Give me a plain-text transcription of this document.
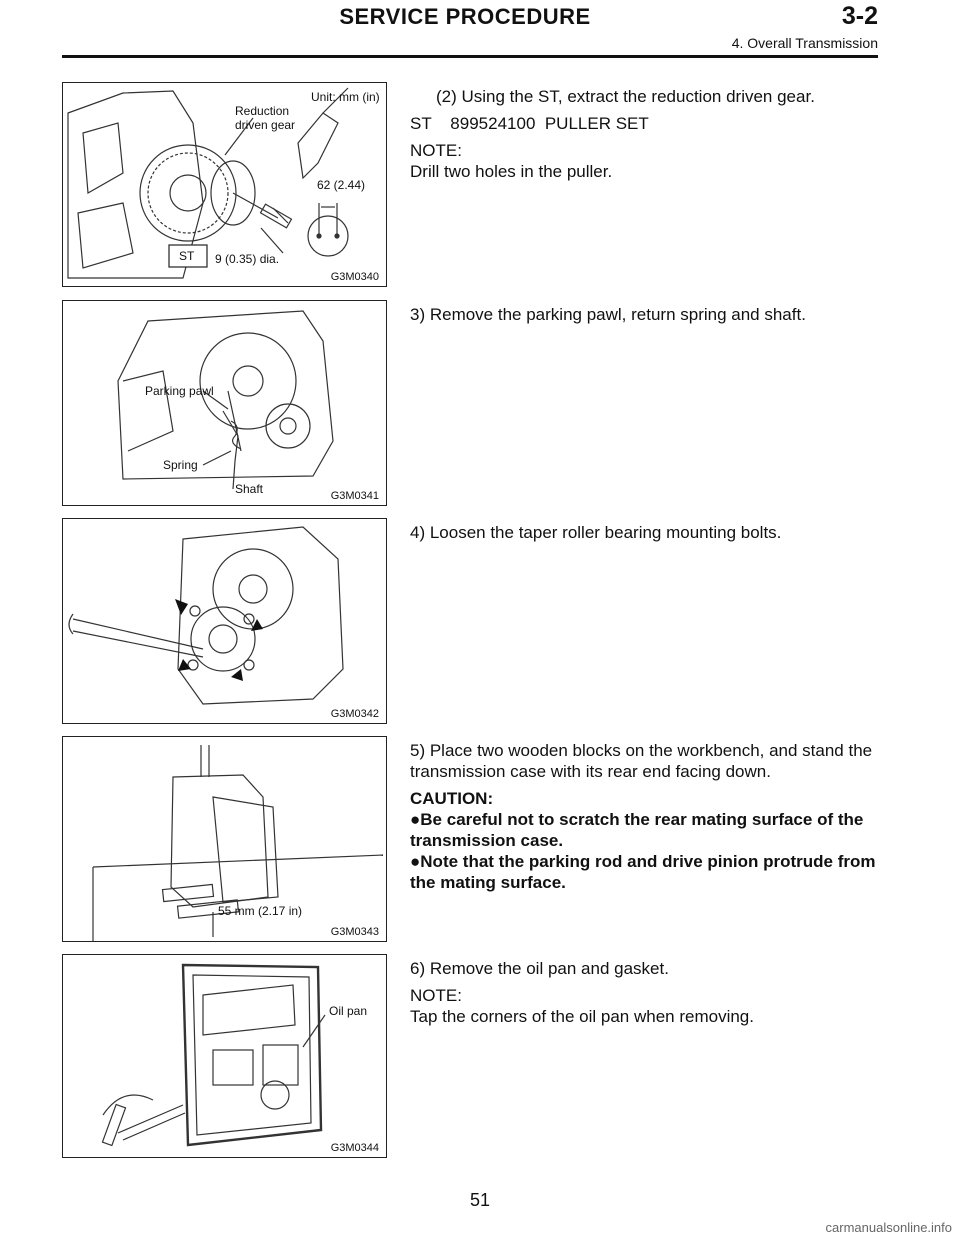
SERVICE PROCEDURE	3-2
4. Overall Transmission
Unit: mm (in)
Reduction
driven gear
62 (2.44)
9 (0.35) dia.
ST
G3M0340
Parking pawl
Spring
Shaft	G3M0341
G3M0342
55 mm (2.17 in)
G3M0343
Oil pan
G3M0344

(2) Using the ST, extract the reduction driven gear.

ST    899524100  PULLER SET

NOTE:

Drill two holes in the puller.

3) Remove the parking pawl, return spring and shaft.

4) Loosen the taper roller bearing mounting bolts.

5) Place two wooden blocks on the workbench, and stand the transmission case with its rear end facing down.

CAUTION:

●Be careful not to scratch the rear mating surface of the transmission case.
●Note that the parking rod and drive pinion protrude from the mating surface.

6) Remove the oil pan and gasket.

NOTE:

Tap the corners of the oil pan when removing.

51
carmanualsonline.info
